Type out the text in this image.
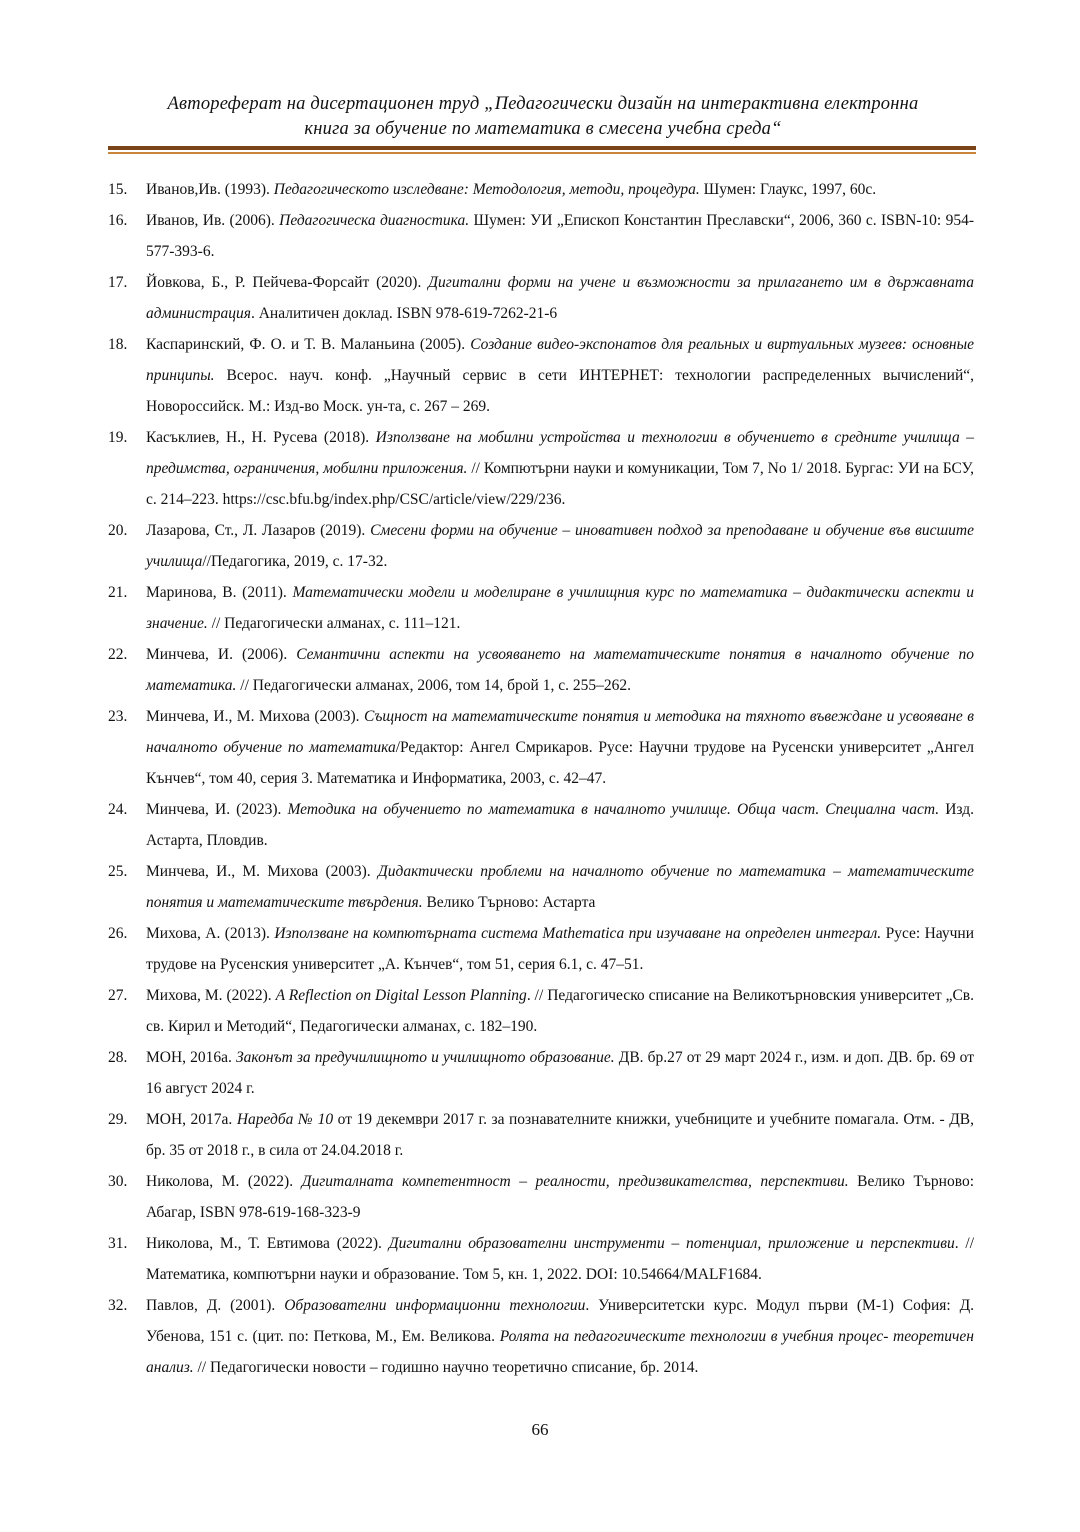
Автореферат на дисертационен труд „Педагогически дизайн на интерактивна електронна
книга за обучение по математика в смесена учебна среда“
15.	Иванов,Ив. (1993). Педагогическото изследване: Методология, методи, процедура. Шумен: Глаукс, 1997, 60с.
16.	Иванов, Ив. (2006). Педагогическа диагностика. Шумен: УИ „Епископ Константин Преславски“, 2006, 360 с. ISBN-10: 954-577-393-6.
17.	Йовкова, Б., Р. Пейчева-Форсайт (2020). Дигитални форми на учене и възможности за прилагането им в държавната администрация. Аналитичен доклад. ISBN 978-619-7262-21-6
18.	Каспаринский, Ф. О. и Т. В. Маланьина (2005). Создание видео-экспонатов для реальных и виртуальных музеев: основные принципы. Всерос. науч. конф. „Научный сервис в сети ИНТЕРНЕТ: технологии распределенных вычислений“, Новороссийск. М.: Изд-во Моск. ун-та, с. 267 – 269.
19.	Касъклиев, Н., Н. Русева (2018). Използване на мобилни устройства и технологии в обучението в средните училища – предимства, ограничения, мобилни приложения. // Компютърни науки и комуникации, Том 7, No 1/ 2018. Бургас: УИ на БСУ, с. 214–223. https://csc.bfu.bg/index.php/CSC/article/view/229/236.
20.	Лазарова, Ст., Л. Лазаров (2019). Смесени форми на обучение – иновативен подход за преподаване и обучение във висшите училища//Педагогика, 2019, с. 17-32.
21.	Маринова, В. (2011). Математически модели и моделиране в училищния курс по математика – дидактически аспекти и значение. // Педагогически алманах, с. 111–121.
22.	Минчева, И. (2006). Семантични аспекти на усвояването на математическите понятия в началното обучение по математика. // Педагогически алманах, 2006, том 14, брой 1, с. 255–262.
23.	Минчева, И., М. Михова (2003). Същност на математическите понятия и методика на тяхното въвеждане и усвояване в началното обучение по математика/Редактор: Ангел Смрикаров. Русе: Научни трудове на Русенски университет „Ангел Кънчев“, том 40, серия 3. Математика и Информатика, 2003, с. 42–47.
24.	Минчева, И. (2023). Методика на обучението по математика в началното училище. Обща част. Специална част. Изд. Астарта, Пловдив.
25.	Минчева, И., М. Михова (2003). Дидактически проблеми на началното обучение по математика – математическите понятия и математическите твърдения. Велико Търново: Астарта
26.	Михова, А. (2013). Използване на компютърната система Mathematica при изучаване на определен интеграл. Русе: Научни трудове на Русенския университет „А. Кънчев“, том 51, серия 6.1, с. 47–51.
27.	Михова, М. (2022). A Reflection on Digital Lesson Planning. // Педагогическо списание на Великотърновския университет „Св. св. Кирил и Методий“, Педагогически алманах, с. 182–190.
28.	МОН, 2016а. Законът за предучилищното и училищното образование. ДВ. бр.27 от 29 март 2024 г., изм. и доп. ДВ. бр. 69 от 16 август 2024 г.
29.	МОН, 2017а. Наредба № 10 от 19 декември 2017 г. за познавателните книжки, учебниците и учебните помагала. Отм. - ДВ, бр. 35 от 2018 г., в сила от 24.04.2018 г.
30.	Николова, М. (2022). Дигиталната компетентност – реалности, предизвикателства, перспективи. Велико Търново: Абагар, ISBN 978-619-168-323-9
31.	Николова, М., Т. Евтимова (2022). Дигитални образователни инструменти – потенциал, приложение и перспективи. // Математика, компютърни науки и образование. Том 5, кн. 1, 2022. DOI: 10.54664/MALF1684.
32.	Павлов, Д. (2001). Образователни информационни технологии. Университетски курс. Модул първи (М-1) София: Д. Убенова, 151 с. (цит. по: Петкова, М., Ем. Великова. Ролята на педагогическите технологии в учебния процес- теоретичен анализ. // Педагогически новости – годишно научно теоретично списание, бр. 2014.
66
